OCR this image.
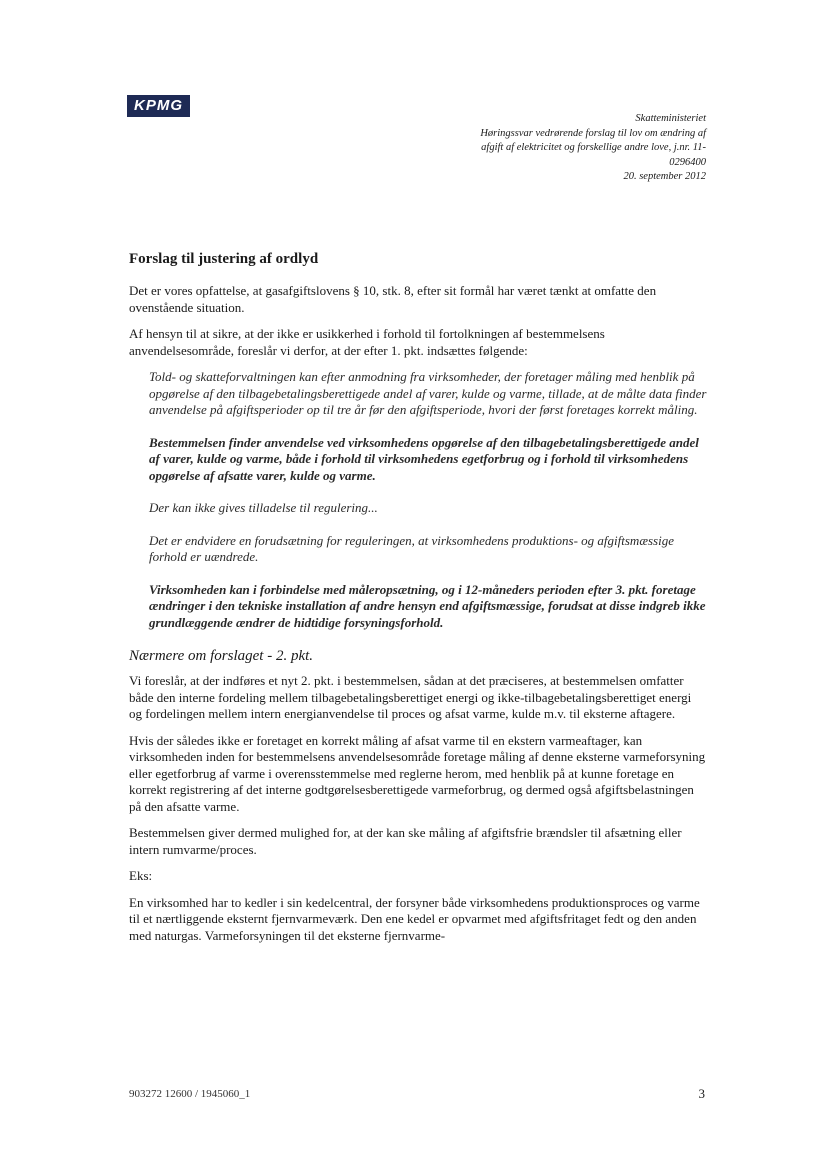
KPMG
Skatteministeriet
Høringssvar vedrørende forslag til lov om ændring af
afgift af elektricitet og forskellige andre love, j.nr. 11-
0296400
20. september 2012
Forslag til justering af ordlyd

Det er vores opfattelse, at gasafgiftslovens § 10, stk. 8, efter sit formål har været tænkt at omfatte den ovenstående situation.

Af hensyn til at sikre, at der ikke er usikkerhed i forhold til fortolkningen af bestemmelsens anvendelsesområde, foreslår vi derfor, at der efter 1. pkt. indsættes følgende:

Told- og skatteforvaltningen kan efter anmodning fra virksomheder, der foretager måling med henblik på opgørelse af den tilbagebetalingsberettigede andel af varer, kulde og varme, tillade, at de målte data finder anvendelse på afgiftsperioder op til tre år før den afgiftsperiode, hvori der først foretages korrekt måling.

Bestemmelsen finder anvendelse ved virksomhedens opgørelse af den tilbagebetalingsberettigede andel af varer, kulde og varme, både i forhold til virksomhedens egetforbrug og i forhold til virksomhedens opgørelse af afsatte varer, kulde og varme.

Der kan ikke gives tilladelse til regulering...

Det er endvidere en forudsætning for reguleringen, at virksomhedens produktions- og afgiftsmæssige forhold er uændrede.

Virksomheden kan i forbindelse med måleropsætning, og i 12-måneders perioden efter 3. pkt. foretage ændringer i den tekniske installation af andre hensyn end afgiftsmæssige, forudsat at disse indgreb ikke grundlæggende ændrer de hidtidige forsyningsforhold.

Nærmere om forslaget - 2. pkt.

Vi foreslår, at der indføres et nyt 2. pkt. i bestemmelsen, sådan at det præciseres, at bestemmelsen omfatter både den interne fordeling mellem tilbagebetalingsberettiget energi og ikke-tilbagebetalingsberettiget energi og fordelingen mellem intern energianvendelse til proces og afsat varme, kulde m.v. til eksterne aftagere.

Hvis der således ikke er foretaget en korrekt måling af afsat varme til en ekstern varmeaftager, kan virksomheden inden for bestemmelsens anvendelsesområde foretage måling af denne eksterne varmeforsyning eller egetforbrug af varme i overensstemmelse med reglerne herom, med henblik på at kunne foretage en korrekt registrering af det interne godtgørelsesberettigede varmeforbrug, og dermed også afgiftsbelastningen på den afsatte varme.

Bestemmelsen giver dermed mulighed for, at der kan ske måling af afgiftsfrie brændsler til afsætning eller intern rumvarme/proces.

Eks:

En virksomhed har to kedler i sin kedelcentral, der forsyner både virksomhedens produktionsproces og varme til et nærtliggende eksternt fjernvarmeværk. Den ene kedel er opvarmet med afgiftsfritaget fedt og den anden med naturgas. Varmeforsyningen til det eksterne fjernvarme-

903272 12600 / 1945060_1	3
